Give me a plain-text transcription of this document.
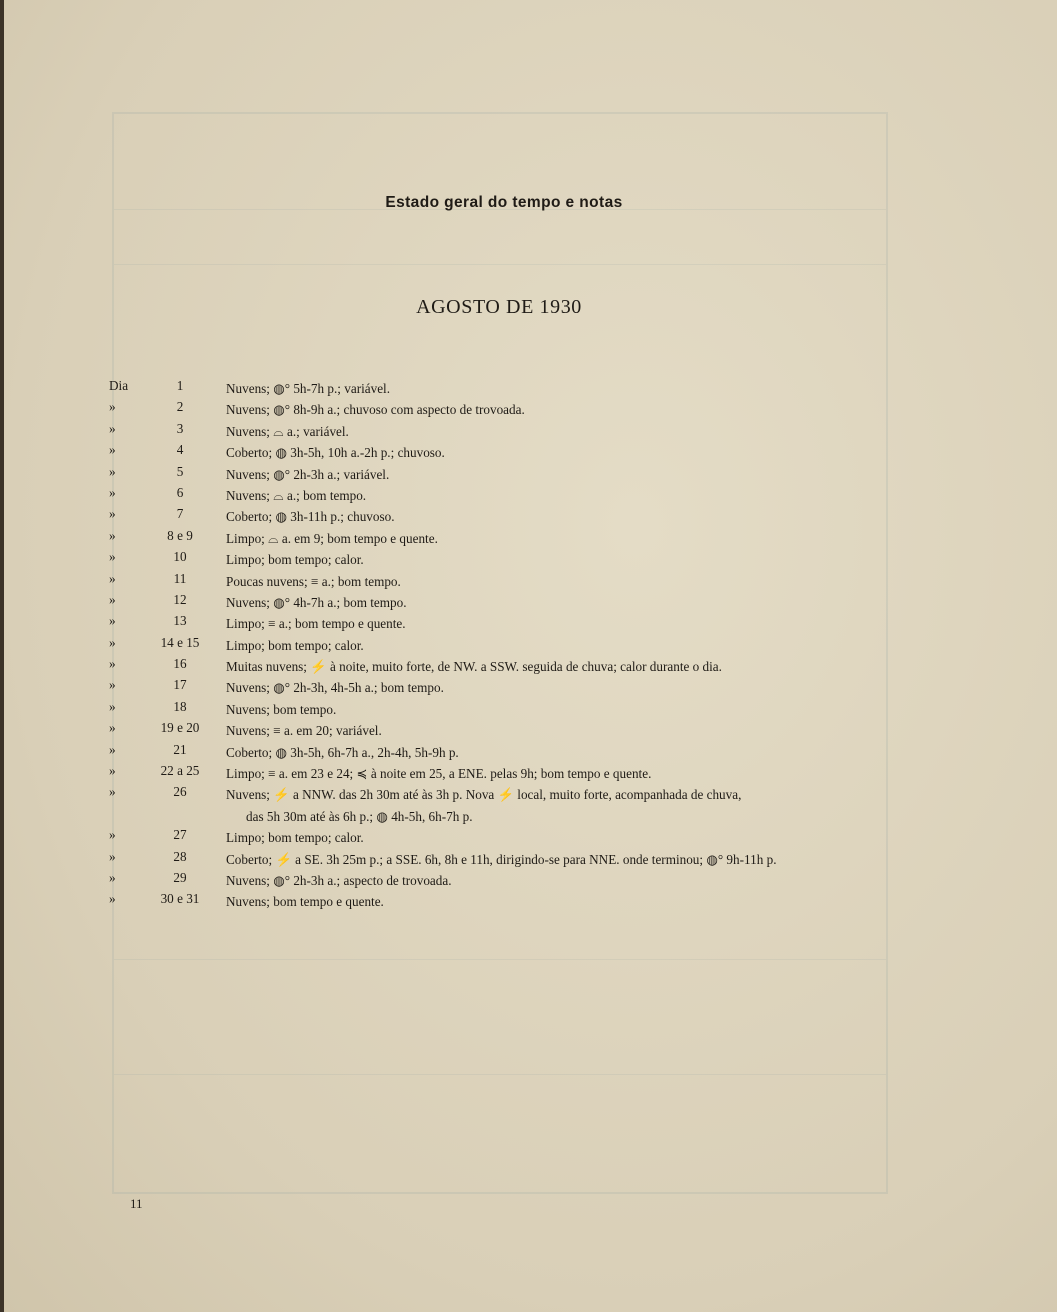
Estado geral do tempo e notas
AGOSTO DE 1930
Dia	1	Nuvens; ◍° 5h-7h p.; variável.
»	2	Nuvens; ◍° 8h-9h a.; chuvoso com aspecto de trovoada.
»	3	Nuvens; ⌓ a.; variável.
»	4	Coberto; ◍ 3h-5h, 10h a.-2h p.; chuvoso.
»	5	Nuvens; ◍° 2h-3h a.; variável.
»	6	Nuvens; ⌓ a.; bom tempo.
»	7	Coberto; ◍ 3h-11h p.; chuvoso.
»	8 e 9	Limpo; ⌓ a. em 9; bom tempo e quente.
»	10	Limpo; bom tempo; calor.
»	11	Poucas nuvens; ≡ a.; bom tempo.
»	12	Nuvens; ◍° 4h-7h a.; bom tempo.
»	13	Limpo; ≡ a.; bom tempo e quente.
»	14 e 15	Limpo; bom tempo; calor.
»	16	Muitas nuvens; ⚡ à noite, muito forte, de NW. a SSW. seguida de chuva; calor durante o dia.
»	17	Nuvens; ◍° 2h-3h, 4h-5h a.; bom tempo.
»	18	Nuvens; bom tempo.
»	19 e 20	Nuvens; ≡ a. em 20; variável.
»	21	Coberto; ◍ 3h-5h, 6h-7h a., 2h-4h, 5h-9h p.
»	22 a 25	Limpo; ≡ a. em 23 e 24; ≼ à noite em 25, a ENE. pelas 9h; bom tempo e quente.
»	26	Nuvens; ⚡ a NNW. das 2h 30m até às 3h p. Nova ⚡ local, muito forte, acompanhada de chuva,
das 5h 30m até às 6h p.; ◍ 4h-5h, 6h-7h p.
»	27	Limpo; bom tempo; calor.
»	28	Coberto; ⚡ a SE. 3h 25m p.; a SSE. 6h, 8h e 11h, dirigindo-se para NNE. onde terminou; ◍° 9h-11h p.
»	29	Nuvens; ◍° 2h-3h a.; aspecto de trovoada.
»	30 e 31	Nuvens; bom tempo e quente.
11
